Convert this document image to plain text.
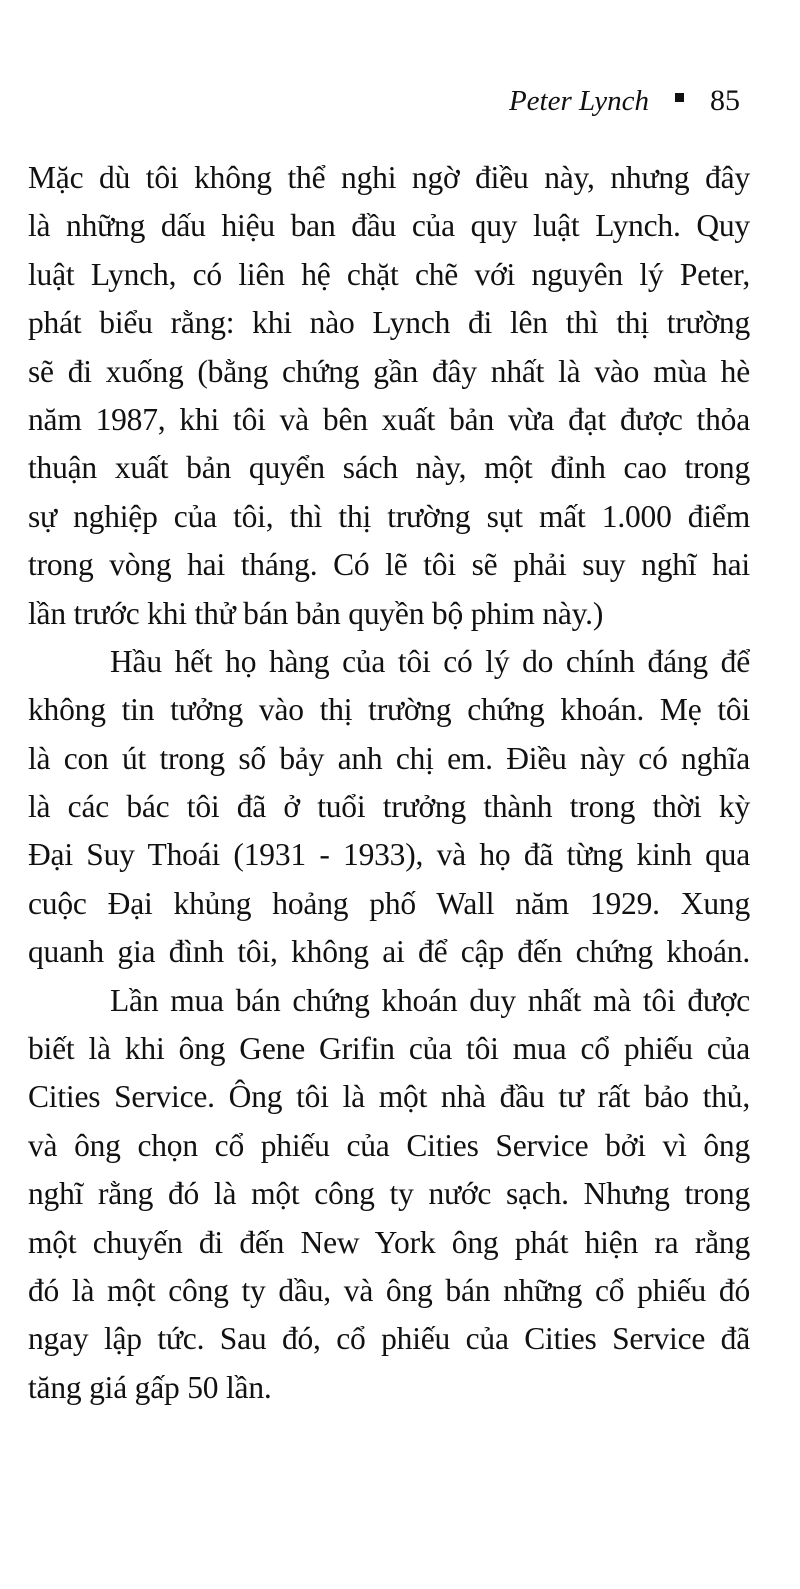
Peter Lynch 85
Mặc dù tôi không thể nghi ngờ điều này, nhưng đây
là những dấu hiệu ban đầu của quy luật Lynch. Quy
luật Lynch, có liên hệ chặt chẽ với nguyên lý Peter,
phát biểu rằng: khi nào Lynch đi lên thì thị trường
sẽ đi xuống (bằng chứng gần đây nhất là vào mùa hè
năm 1987, khi tôi và bên xuất bản vừa đạt được thỏa
thuận xuất bản quyển sách này, một đỉnh cao trong
sự nghiệp của tôi, thì thị trường sụt mất 1.000 điểm
trong vòng hai tháng. Có lẽ tôi sẽ phải suy nghĩ hai
lần trước khi thử bán bản quyền bộ phim này.)
Hầu hết họ hàng của tôi có lý do chính đáng để
không tin tưởng vào thị trường chứng khoán. Mẹ tôi
là con út trong số bảy anh chị em. Điều này có nghĩa
là các bác tôi đã ở tuổi trưởng thành trong thời kỳ
Đại Suy Thoái (1931 - 1933), và họ đã từng kinh qua
cuộc Đại khủng hoảng phố Wall năm 1929. Xung
quanh gia đình tôi, không ai để cập đến chứng khoán.
Lần mua bán chứng khoán duy nhất mà tôi được
biết là khi ông Gene Grifin của tôi mua cổ phiếu của
Cities Service. Ông tôi là một nhà đầu tư rất bảo thủ,
và ông chọn cổ phiếu của Cities Service bởi vì ông
nghĩ rằng đó là một công ty nước sạch. Nhưng trong
một chuyến đi đến New York ông phát hiện ra rằng
đó là một công ty dầu, và ông bán những cổ phiếu đó
ngay lập tức. Sau đó, cổ phiếu của Cities Service đã
tăng giá gấp 50 lần.
